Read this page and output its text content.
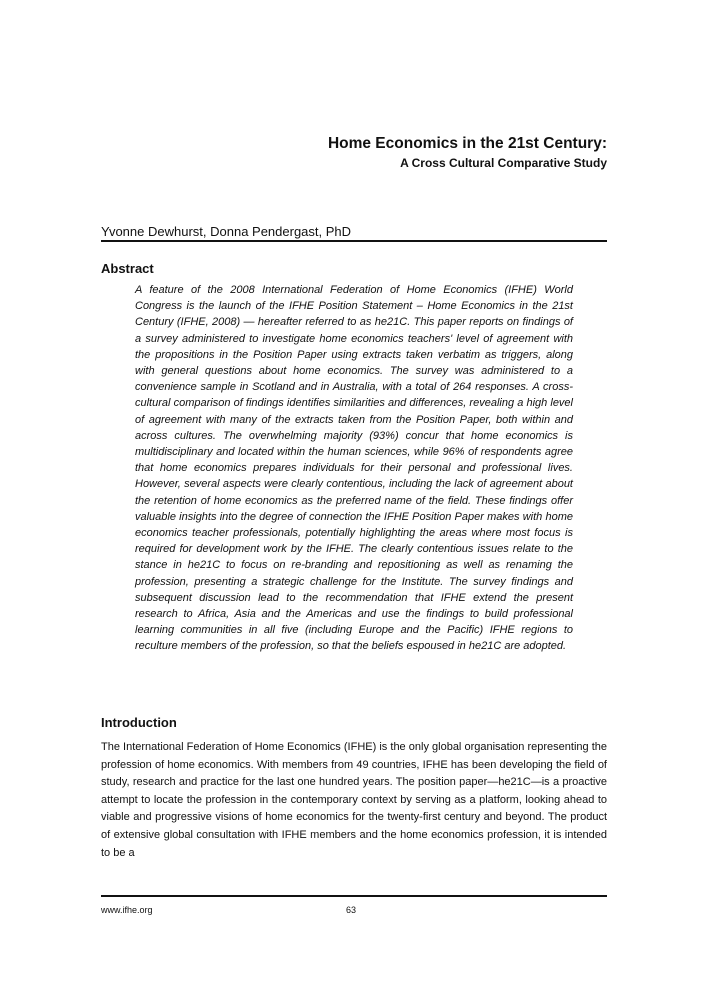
Home Economics in the 21st Century:
A Cross Cultural Comparative Study
Yvonne Dewhurst, Donna Pendergast, PhD
Abstract

A feature of the 2008 International Federation of Home Economics (IFHE) World Congress is the launch of the IFHE Position Statement – Home Economics in the 21st Century (IFHE, 2008) — hereafter referred to as he21C. This paper reports on findings of a survey administered to investigate home economics teachers' level of agreement with the propositions in the Position Paper using extracts taken verbatim as triggers, along with general questions about home economics. The survey was administered to a convenience sample in Scotland and in Australia, with a total of 264 responses. A cross-cultural comparison of findings identifies similarities and differences, revealing a high level of agreement with many of the extracts taken from the Position Paper, both within and across cultures. The overwhelming majority (93%) concur that home economics is multidisciplinary and located within the human sciences, while 96% of respondents agree that home economics prepares individuals for their personal and professional lives. However, several aspects were clearly contentious, including the lack of agreement about the retention of home economics as the preferred name of the field. These findings offer valuable insights into the degree of connection the IFHE Position Paper makes with home economics teacher professionals, potentially highlighting the areas where most focus is required for development work by the IFHE. The clearly contentious issues relate to the stance in he21C to focus on re-branding and repositioning as well as renaming the profession, presenting a strategic challenge for the Institute. The survey findings and subsequent discussion lead to the recommendation that IFHE extend the present research to Africa, Asia and the Americas and use the findings to build professional learning communities in all five (including Europe and the Pacific) IFHE regions to reculture members of the profession, so that the beliefs espoused in he21C are adopted.

Introduction

The International Federation of Home Economics (IFHE) is the only global organisation representing the profession of home economics. With members from 49 countries, IFHE has been developing the field of study, research and practice for the last one hundred years. The position paper—he21C—is a proactive attempt to locate the profession in the contemporary context by serving as a platform, looking ahead to viable and progressive visions of home economics for the twenty-first century and beyond. The product of extensive global consultation with IFHE members and the home economics profession, it is intended to be a

www.ifhe.org	63
